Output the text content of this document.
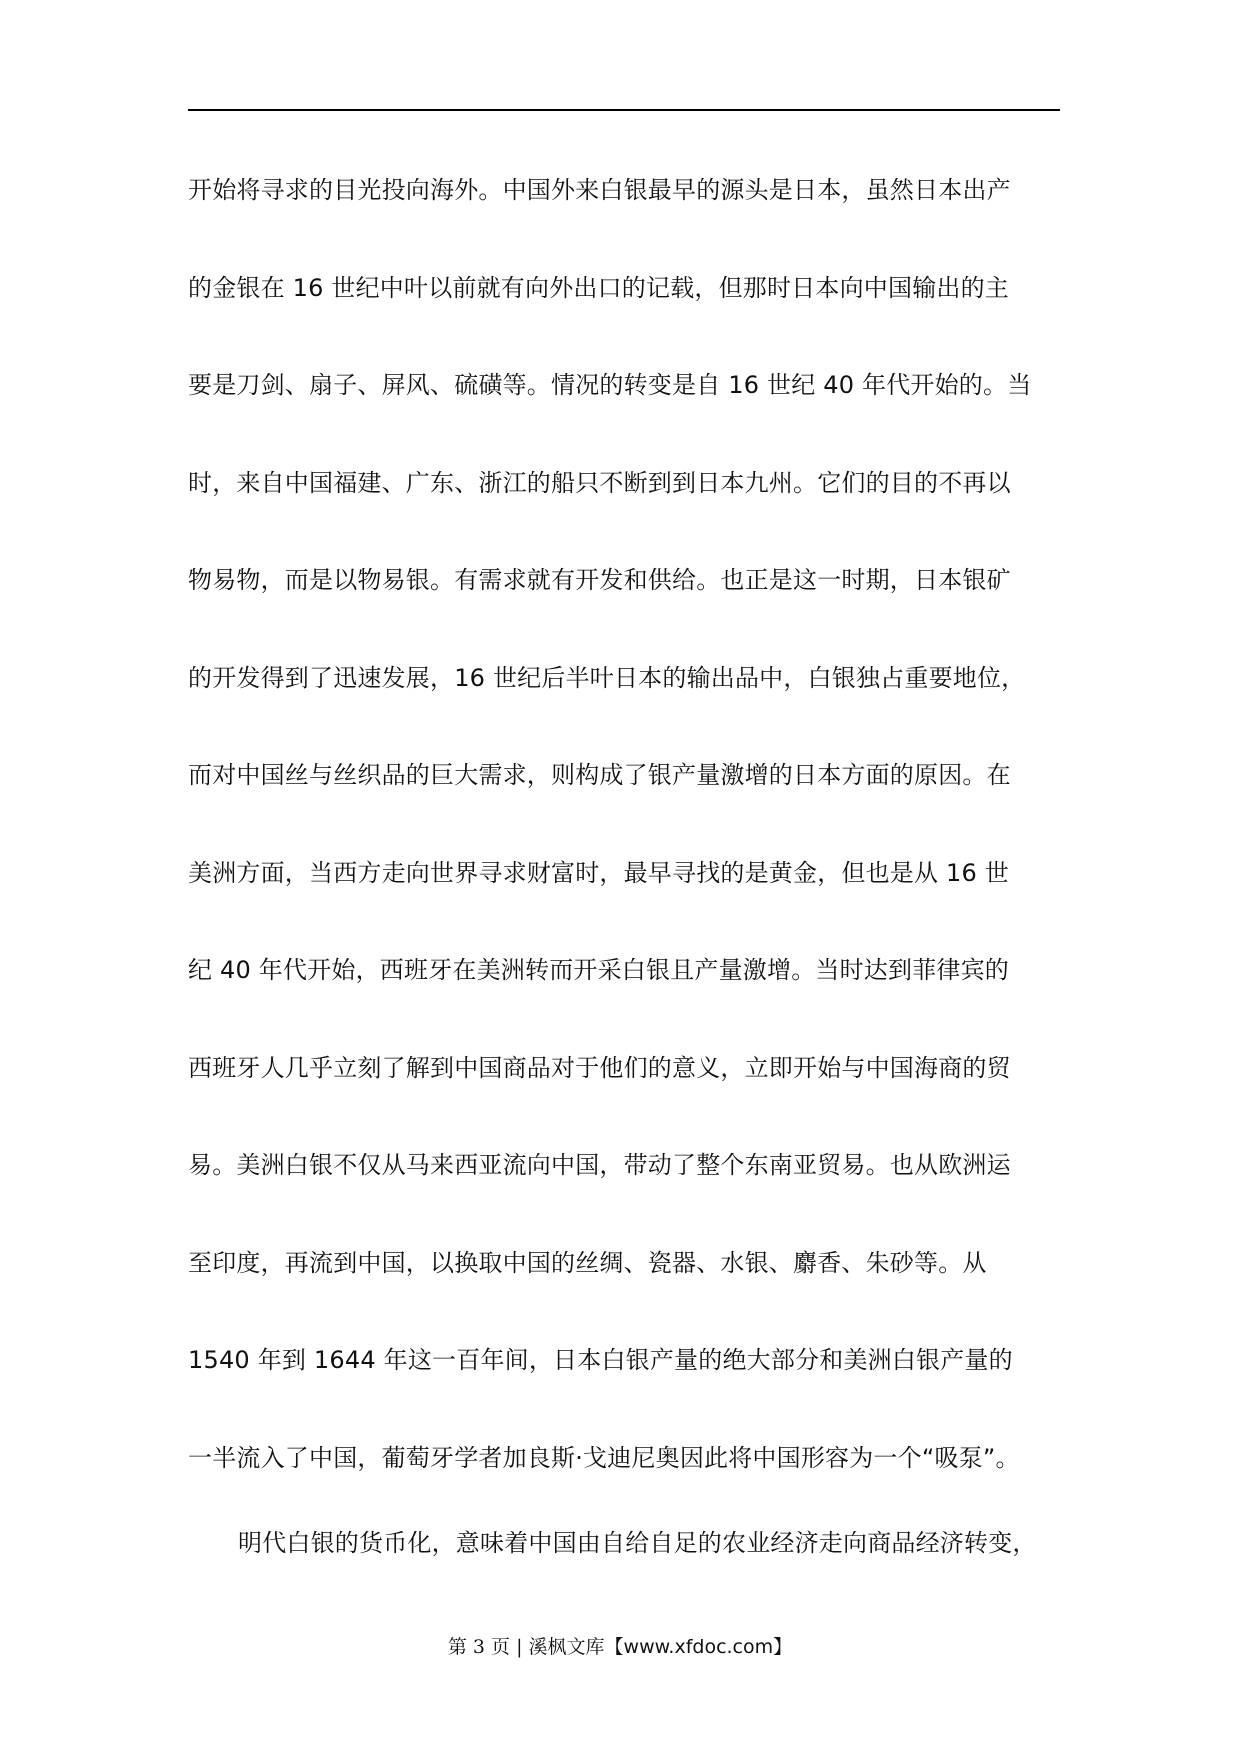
开始将寻求的目光投向海外。中国外来白银最早的源头是日本，虽然日本出产
的金银在 16 世纪中叶以前就有向外出口的记载，但那时日本向中国输出的主
要是刀剑、扇子、屏风、硫磺等。情况的转变是自 16 世纪 40 年代开始的。当
时，来自中国福建、广东、浙江的船只不断到到日本九州。它们的目的不再以
物易物，而是以物易银。有需求就有开发和供给。也正是这一时期，日本银矿
的开发得到了迅速发展，16 世纪后半叶日本的输出品中，白银独占重要地位，
而对中国丝与丝织品的巨大需求，则构成了银产量激增的日本方面的原因。在
美洲方面，当西方走向世界寻求财富时，最早寻找的是黄金，但也是从 16 世
纪 40 年代开始，西班牙在美洲转而开采白银且产量激增。当时达到菲律宾的
西班牙人几乎立刻了解到中国商品对于他们的意义，立即开始与中国海商的贸
易。美洲白银不仅从马来西亚流向中国，带动了整个东南亚贸易。也从欧洲运
至印度，再流到中国，以换取中国的丝绸、瓷器、水银、麝香、朱砂等。从
1540 年到 1644 年这一百年间，日本白银产量的绝大部分和美洲白银产量的
一半流入了中国，葡萄牙学者加良斯·戈迪尼奥因此将中国形容为一个“吸泵”。
明代白银的货币化，意味着中国由自给自足的农业经济走向商品经济转变，
第 3 页 | 溪枫文库【www.xfdoc.com】
